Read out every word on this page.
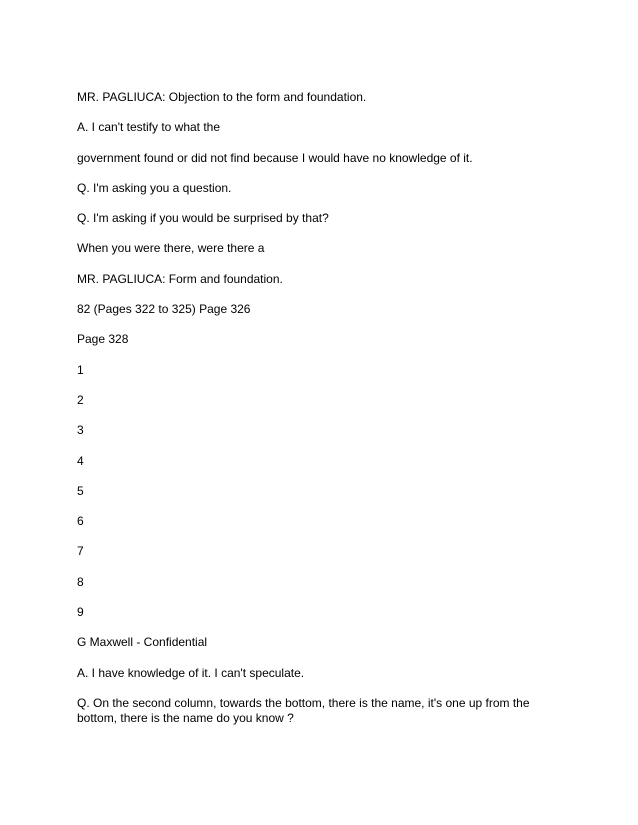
MR. PAGLIUCA: Objection to the form and foundation.
A. I can't testify to what the
government found or did not find because I would have no knowledge of it.
Q. I'm asking you a question.
Q. I'm asking if you would be surprised by that?
When you were there, were there a
MR. PAGLIUCA: Form and foundation.
82 (Pages 322 to 325) Page 326
Page 328
1
2
3
4
5
6
7
8
9
G Maxwell - Confidential
A. I have knowledge of it. I can't speculate.
Q. On the second column, towards the bottom, there is the name, it's one up from the bottom, there is the name do you know ?
